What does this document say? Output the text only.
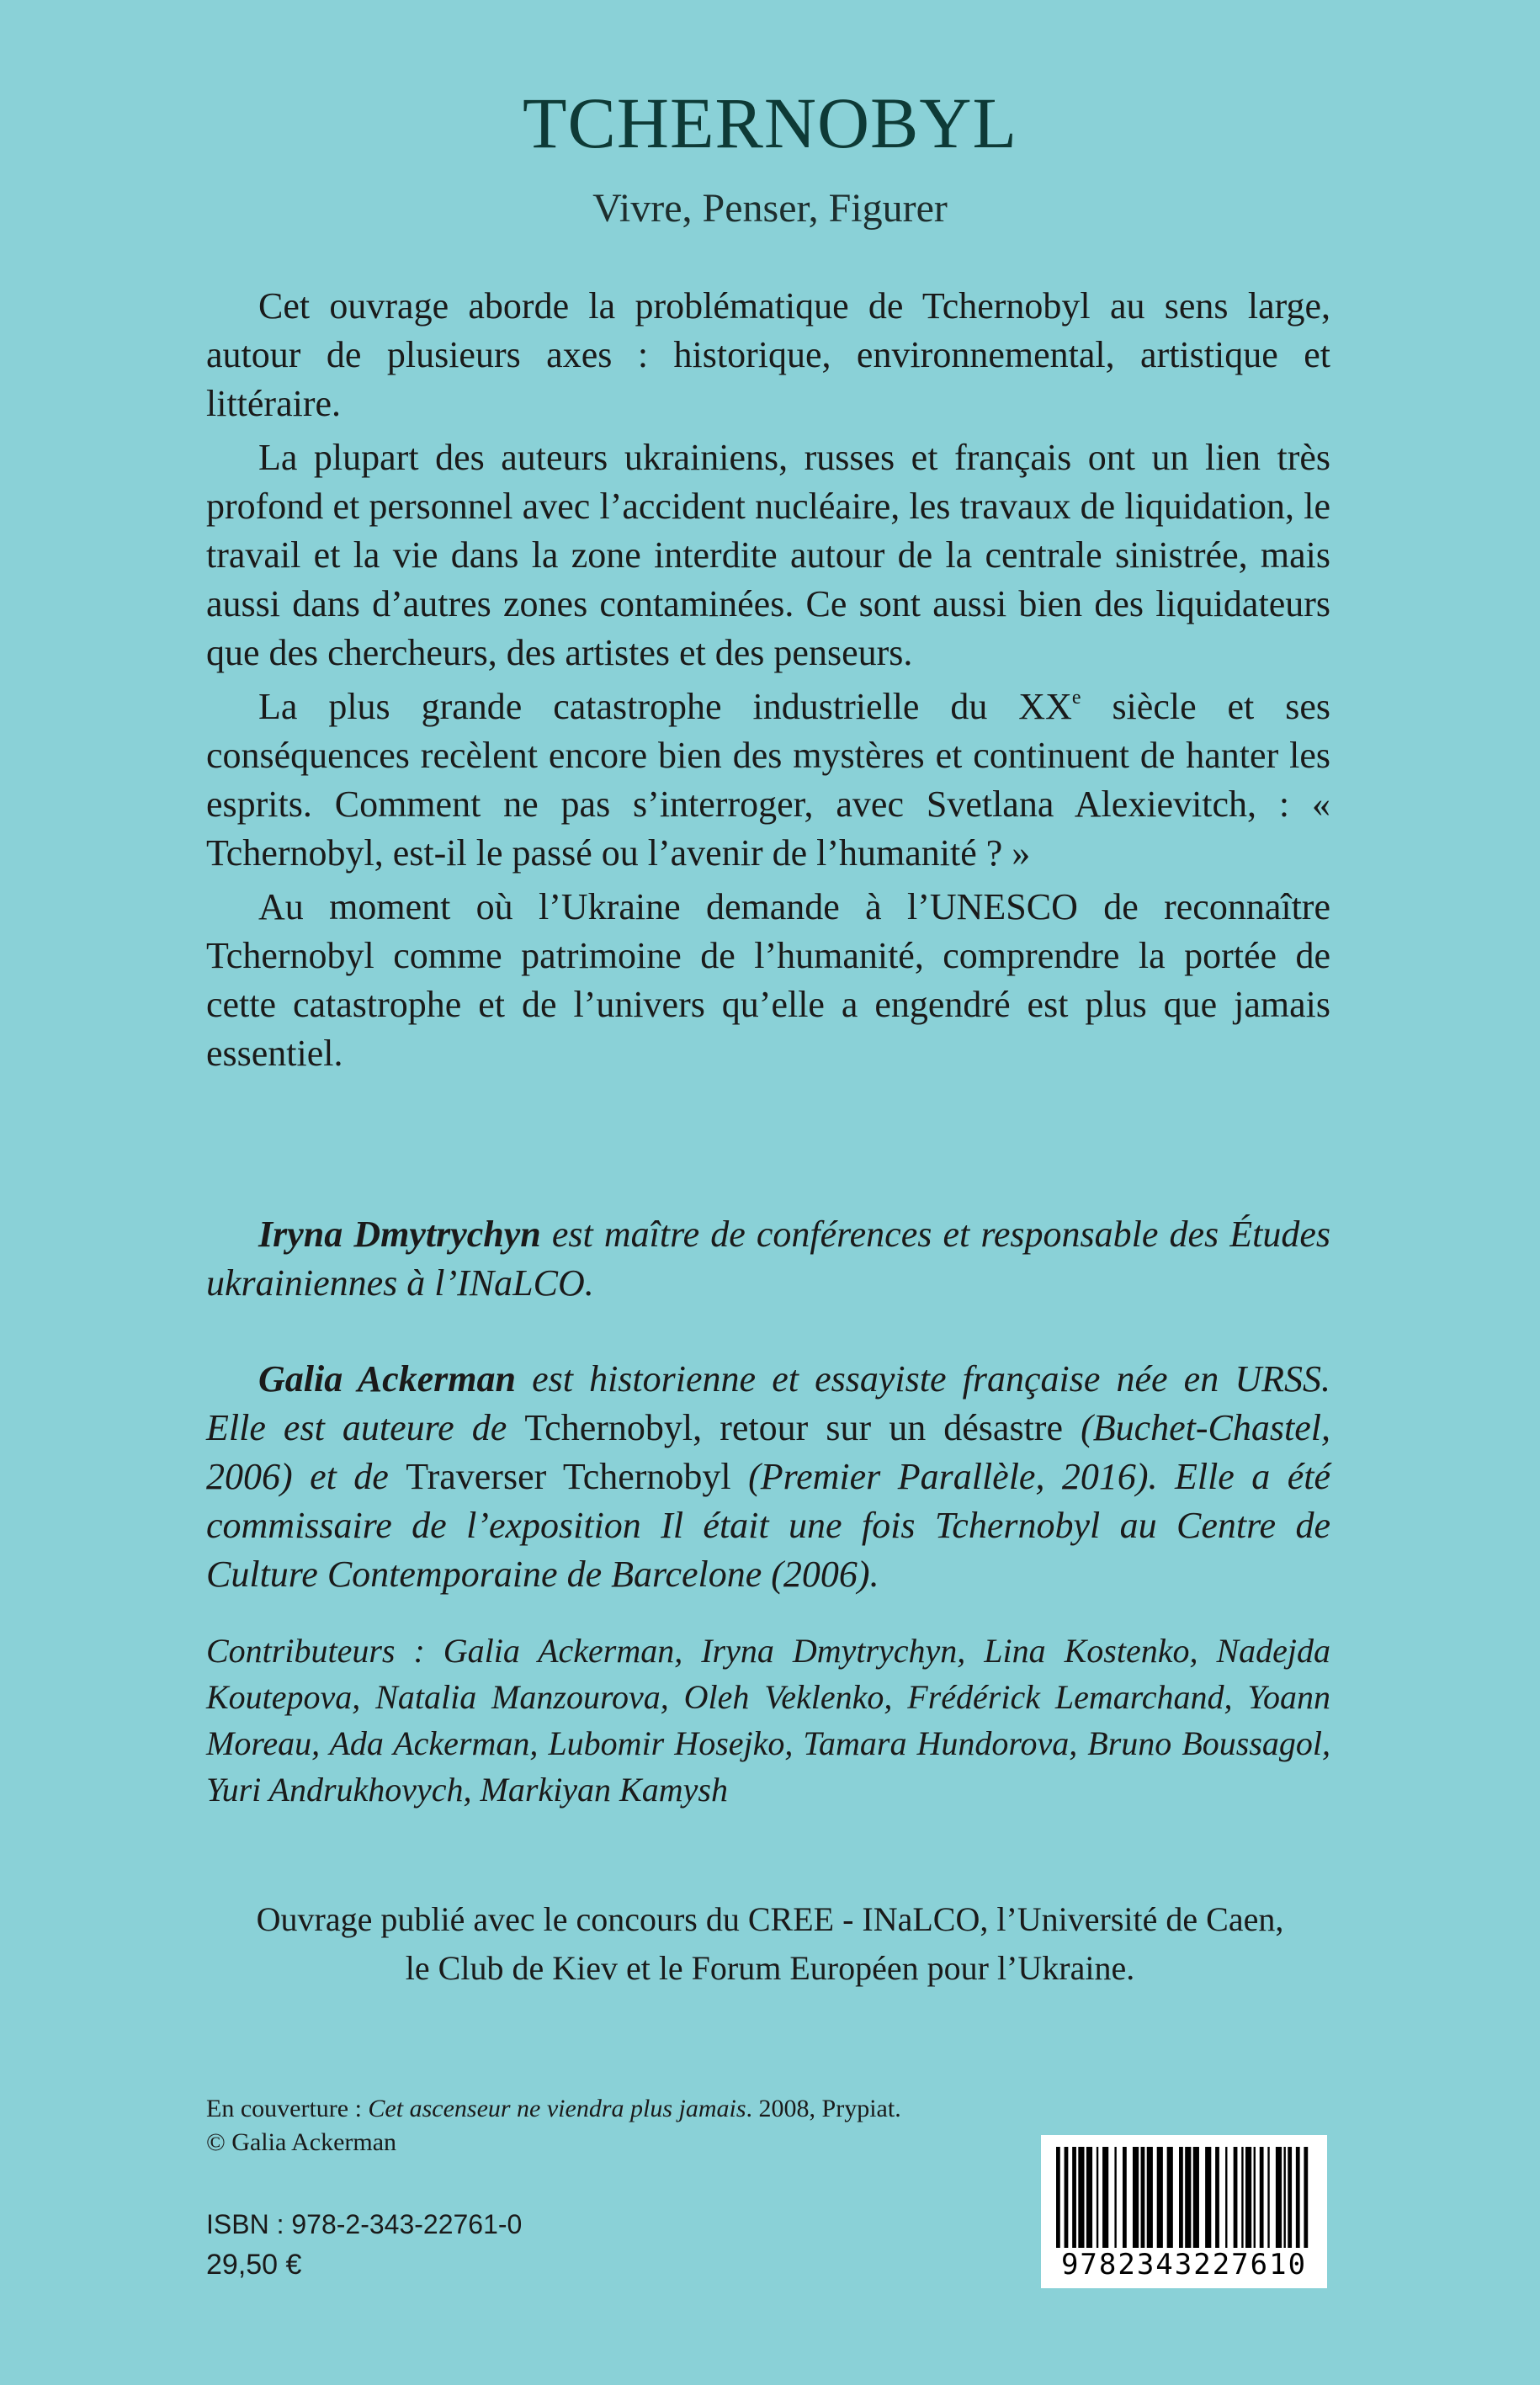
TCHERNOBYL
Vivre, Penser, Figurer

Cet ouvrage aborde la problématique de Tchernobyl au sens large, autour de plusieurs axes : historique, environnemental, artistique et littéraire.

La plupart des auteurs ukrainiens, russes et français ont un lien très profond et personnel avec l’accident nucléaire, les travaux de liquidation, le travail et la vie dans la zone interdite autour de la centrale sinistrée, mais aussi dans d’autres zones contaminées. Ce sont aussi bien des liquidateurs que des chercheurs, des artistes et des penseurs.

La plus grande catastrophe industrielle du XXe siècle et ses conséquences recèlent encore bien des mystères et continuent de hanter les esprits. Comment ne pas s’interroger, avec Svetlana Alexievitch, : « Tchernobyl, est-il le passé ou l’avenir de l’humanité ? »

Au moment où l’Ukraine demande à l’UNESCO de reconnaître Tchernobyl comme patrimoine de l’humanité, comprendre la portée de cette catastrophe et de l’univers qu’elle a engendré est plus que jamais essentiel.

Iryna Dmytrychyn est maître de conférences et responsable des Études ukrainiennes à l’INaLCO.

Galia Ackerman est historienne et essayiste française née en URSS. Elle est auteure de Tchernobyl, retour sur un désastre (Buchet-Chastel, 2006) et de Traverser Tchernobyl (Premier Parallèle, 2016). Elle a été commissaire de l’exposition Il était une fois Tchernobyl au Centre de Culture Contemporaine de Barcelone (2006).

Contributeurs : Galia Ackerman, Iryna Dmytrychyn, Lina Kostenko, Nadejda Koutepova, Natalia Manzourova, Oleh Veklenko, Frédérick Lemarchand, Yoann Moreau, Ada Ackerman, Lubomir Hosejko, Tamara Hundorova, Bruno Boussagol, Yuri Andrukhovych, Markiyan Kamysh
Ouvrage publié avec le concours du CREE - INaLCO, l’Université de Caen,
le Club de Kiev et le Forum Européen pour l’Ukraine.
En couverture : Cet ascenseur ne viendra plus jamais. 2008, Prypiat.
© Galia Ackerman
ISBN : 978-2-343-22761-0
29,50 €	9782343227610
